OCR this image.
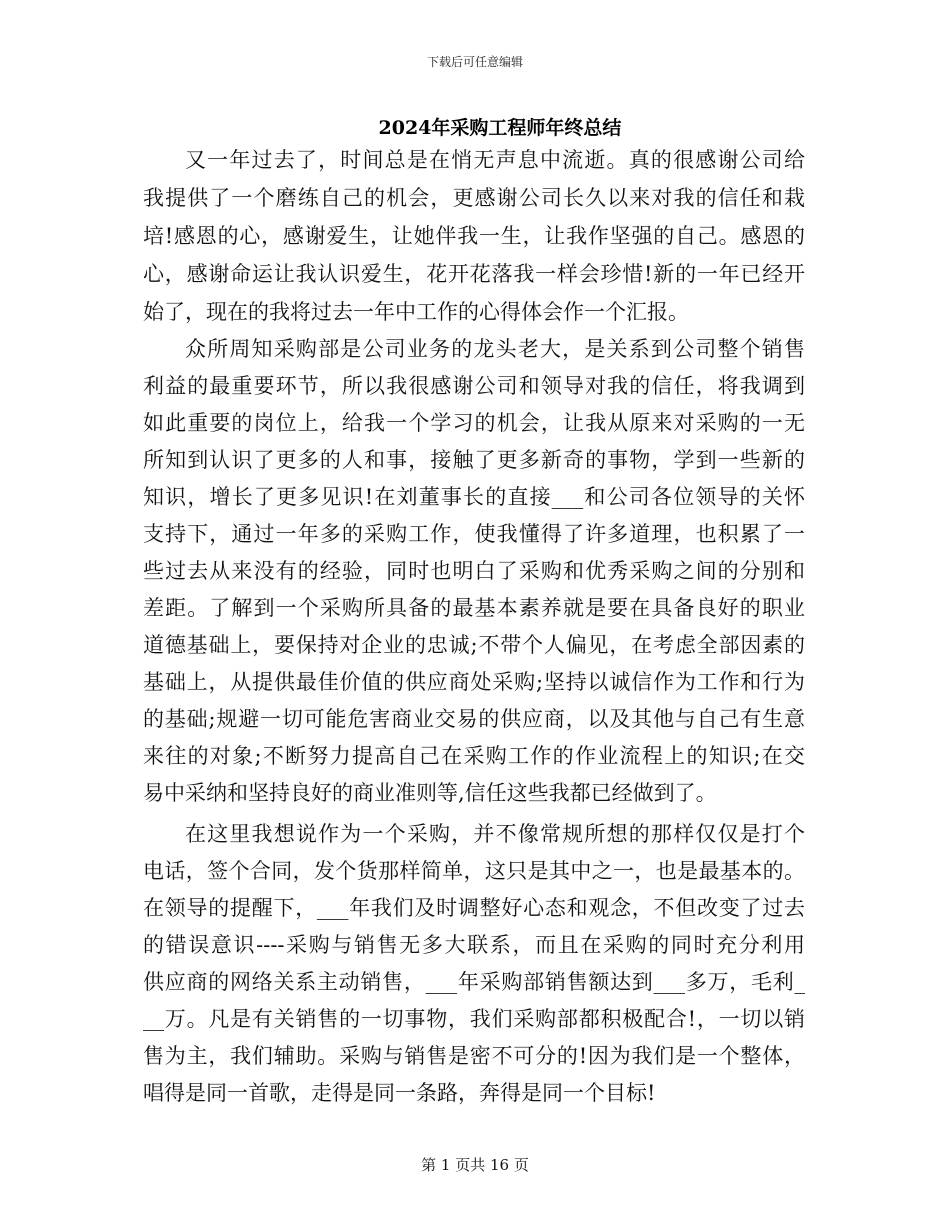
下载后可任意编辑
2024年采购工程师年终总结
又一年过去了，时间总是在悄无声息中流逝。真的很感谢公司给
我提供了一个磨练自己的机会，更感谢公司长久以来对我的信任和栽
培!感恩的心，感谢爱生，让她伴我一生，让我作坚强的自己。感恩的
心，感谢命运让我认识爱生，花开花落我一样会珍惜!新的一年已经开
始了，现在的我将过去一年中工作的心得体会作一个汇报。
众所周知采购部是公司业务的龙头老大，是关系到公司整个销售
利益的最重要环节，所以我很感谢公司和领导对我的信任，将我调到
如此重要的岗位上，给我一个学习的机会，让我从原来对采购的一无
所知到认识了更多的人和事，接触了更多新奇的事物，学到一些新的
知识，增长了更多见识!在刘董事长的直接___和公司各位领导的关怀
支持下，通过一年多的采购工作，使我懂得了许多道理，也积累了一
些过去从来没有的经验，同时也明白了采购和优秀采购之间的分别和
差距。了解到一个采购所具备的最基本素养就是要在具备良好的职业
道德基础上，要保持对企业的忠诚;不带个人偏见，在考虑全部因素的
基础上，从提供最佳价值的供应商处采购;坚持以诚信作为工作和行为
的基础;规避一切可能危害商业交易的供应商，以及其他与自己有生意
来往的对象;不断努力提高自己在采购工作的作业流程上的知识;在交
易中采纳和坚持良好的商业准则等,信任这些我都已经做到了。
在这里我想说作为一个采购，并不像常规所想的那样仅仅是打个
电话，签个合同，发个货那样简单，这只是其中之一，也是最基本的。
在领导的提醒下，___年我们及时调整好心态和观念，不但改变了过去
的错误意识----采购与销售无多大联系，而且在采购的同时充分利用
供应商的网络关系主动销售，___年采购部销售额达到___多万，毛利_
__万。凡是有关销售的一切事物，我们采购部都积极配合!，一切以销
售为主，我们辅助。采购与销售是密不可分的!因为我们是一个整体，
唱得是同一首歌，走得是同一条路，奔得是同一个目标!
第 1 页共 16 页
